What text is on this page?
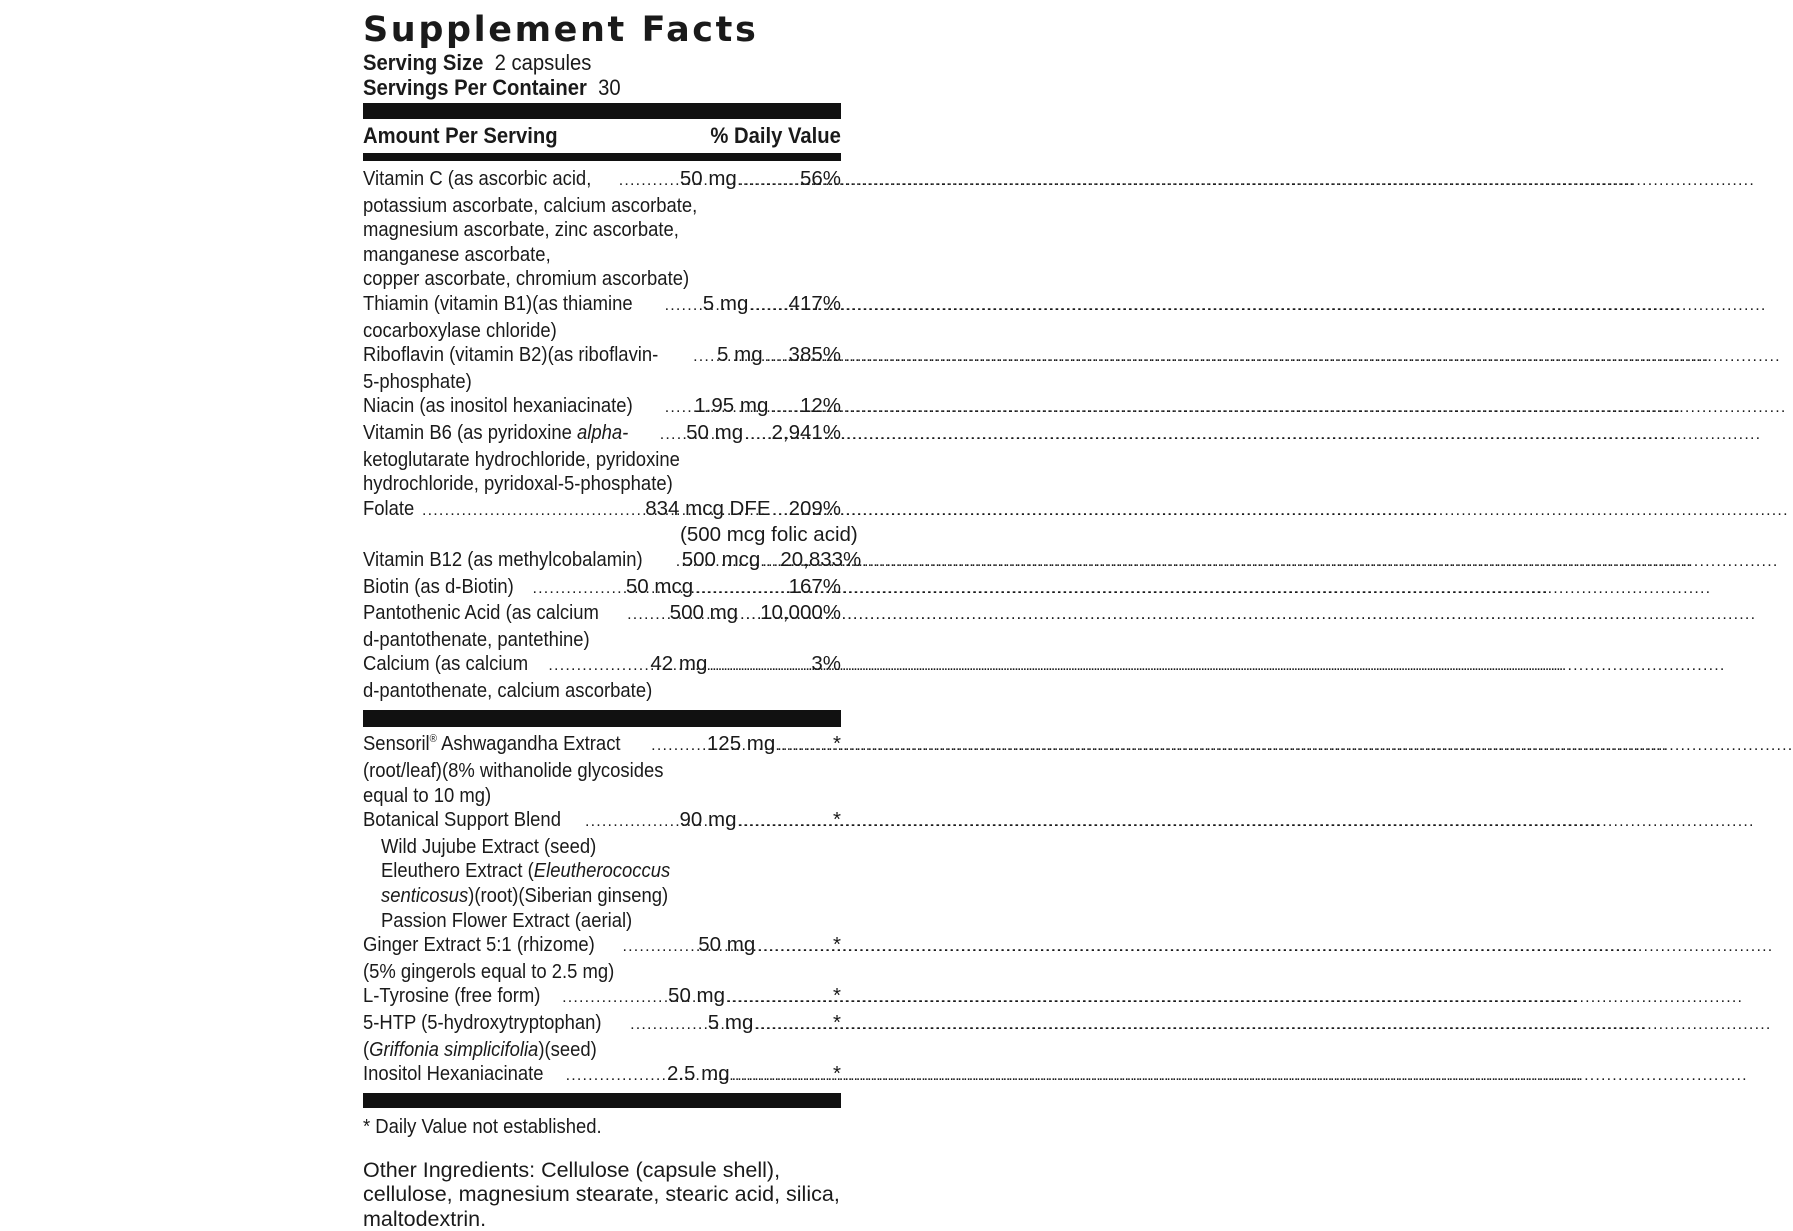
Supplement Facts
Serving Size 2 capsules
Servings Per Container 30
Amount Per Serving	% Daily Value
Vitamin C (as ascorbic acid, .....	50 mg .....	56%
potassium ascorbate, calcium ascorbate, magnesium ascorbate, zinc ascorbate, manganese ascorbate, copper ascorbate, chromium ascorbate)
Thiamin (vitamin B1)(as thiamine .....	5 mg ..... 417%
cocarboxylase chloride)
Riboflavin (vitamin B2)(as riboflavin- .....	5 mg ..... 385%
5-phosphate)
Niacin (as inositol hexaniacinate) .....	1.95 mg ..... 12%
Vitamin B6 (as pyridoxine alpha- .....	50 mg ..... 2,941%
ketoglutarate hydrochloride, pyridoxine hydrochloride, pyridoxal-5-phosphate)
Folate .....	834 mcg DFE ..... 209%
(500 mcg folic acid)
Vitamin B12 (as methylcobalamin) ..... 500 mcg ..... 20,833%
Biotin (as d-Biotin) .....	50 mcg .....	167%
Pantothenic Acid (as calcium .....	500 mg ..... 10,000%
d-pantothenate, pantethine)
Calcium (as calcium .....	42 mg .....	3%
d-pantothenate, calcium ascorbate)
Sensoril® Ashwagandha Extract .....	125 mg .....	*
(root/leaf)(8% withanolide glycosides equal to 10 mg)
Botanical Support Blend .....	90 mg .....	*
Wild Jujube Extract (seed)
Eleuthero Extract (Eleutherococcus
senticosus)(root)(Siberian ginseng)
Passion Flower Extract (aerial)
Ginger Extract 5:1 (rhizome) .....	50 mg .....	*
(5% gingerols equal to 2.5 mg)
L-Tyrosine (free form) .....	50 mg .....	*
5-HTP (5-hydroxytryptophan) .....	5 mg .....	*
(Griffonia simplicifolia)(seed)
Inositol Hexaniacinate .....	2.5 mg .....	*
* Daily Value not established.
Other Ingredients: Cellulose (capsule shell), cellulose, magnesium stearate, stearic acid, silica, maltodextrin.
